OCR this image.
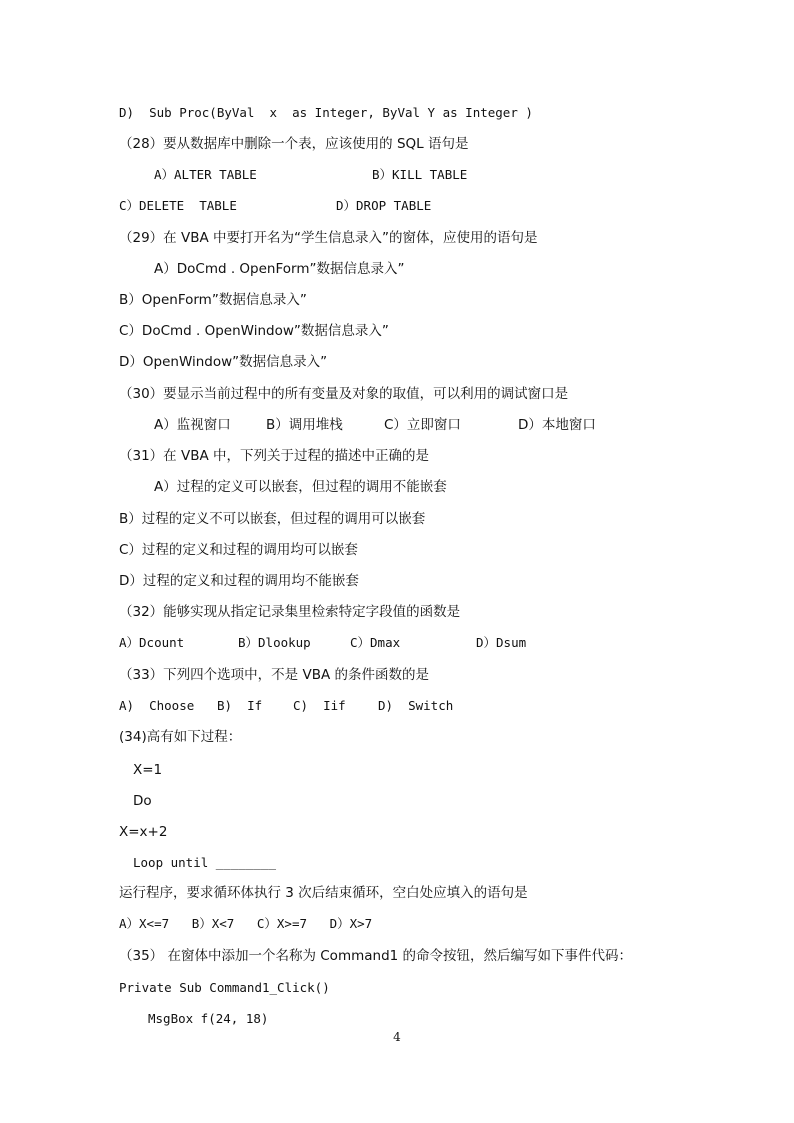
D)  Sub Proc(ByVal  x  as Integer, ByVal Y as Integer )
（28）要从数据库中删除一个表，应该使用的 SQL 语句是
A）ALTER TABLE	B）KILL TABLE
C）DELETE  TABLE	D）DROP TABLE
（29）在 VBA 中要打开名为“学生信息录入”的窗体，应使用的语句是
A）DoCmd . OpenForm”数据信息录入”
B）OpenForm”数据信息录入”
C）DoCmd . OpenWindow”数据信息录入”
D）OpenWindow”数据信息录入”
（30）要显示当前过程中的所有变量及对象的取值，可以利用的调试窗口是
A）监视窗口	B）调用堆栈	C）立即窗口	D）本地窗口
（31）在 VBA 中，下列关于过程的描述中正确的是
A）过程的定义可以嵌套，但过程的调用不能嵌套
B）过程的定义不可以嵌套，但过程的调用可以嵌套
C）过程的定义和过程的调用均可以嵌套
D）过程的定义和过程的调用均不能嵌套
（32）能够实现从指定记录集里检索特定字段值的函数是
A）Dcount	B）Dlookup	C）Dmax	D）Dsum
（33）下列四个选项中，不是 VBA 的条件函数的是
A)  Choose B)  If C)  Iif	D)  Switch
(34)高有如下过程：
X=1
Do
X=x+2
Loop until ________
运行程序，要求循环体执行 3 次后结束循环，空白处应填入的语句是
A）X<=7   B）X<7   C）X>=7   D）X>7
（35） 在窗体中添加一个名称为 Command1 的命令按钮，然后编写如下事件代码：
Private Sub Command1_Click()
MsgBox f(24, 18)
4
